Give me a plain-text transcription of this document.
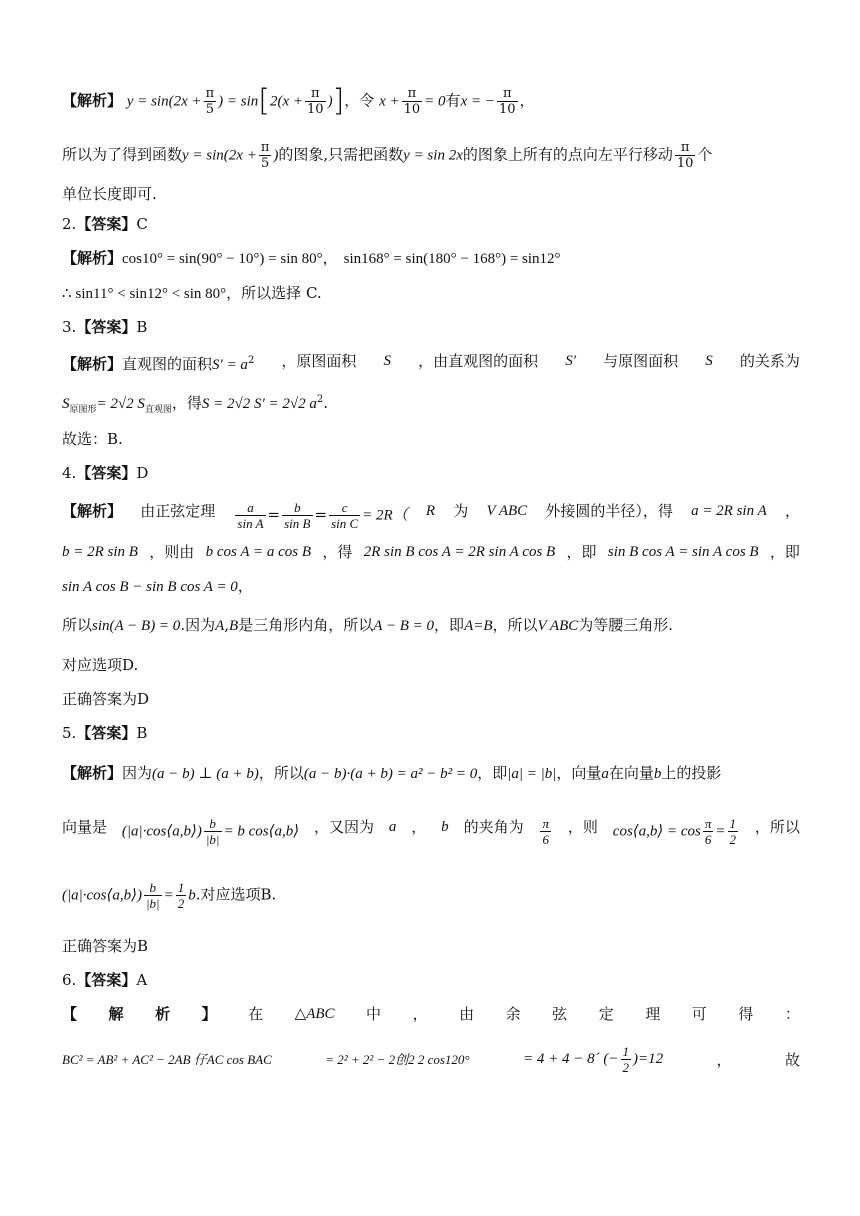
【解析】 $y = \sin(2x + \frac{\pi}{5}$ ) = $\sin[2(x + \frac{\pi}{10}$ )]，令 $x + \frac{\pi}{10} = 0$有x = − $\frac{\pi}{10}$ ，
所以为了得到函数$y = \sin(2x + \frac{\pi}{5}$ )的图象,只需把函数y = sin 2x的图象上所有的点向左平行移动 $\frac{\pi}{10}$ 个
单位长度即可.
2.【答案】C
【解析】cos10° = sin(90° − 10°) = sin 80°， sin168° = sin(180° − 168°) = sin12°
∴ sin11° < sin12° < sin 80°，所以选择 C.
3.【答案】B
【解析】直观图的面积$S' = a^2$ ，原图面积 S ，由直观图的面积 S′ 与原图面积 S 的关系为
$S_{原图形}= 2√2$ $S_{直观图}$，得S = 2√2 S′ = 2√2 $a^2$.
故选：B.
4.【答案】D
【解析】 由正弦定理 $\frac{a}{\text{sin A}} = \frac{b}{\text{sin B}} = \frac{c}{\text{sin C}} = 2R$（ R 为 V ABC 外接圆的半径），得 a = 2R sin A ，
b = 2R sin B ，则由 b cos A = a cos B ，得 2R sin B cos A = 2R sin A cos B ，即 sin B cos A = sin A cos B ，即
sin A cos B − sin B cos A = 0，
所以sin(A − B) = 0.因为A,B是三角形内角，所以A − B = 0，即A=B，所以V ABC为等腰三角形.
对应选项D.
正确答案为D
5.【答案】B
【解析】因为(a − b) ⊥ (a + b)，所以(a − b)·(a + b) = a² − b² = 0，即|a| = |b|，向量a在向量b上的投影
向量是 (|a|·cos⟨a,b⟩) $\frac{b}{|b|} = b$ cos⟨a,b⟩ ，又因为 a ， b 的夹角为 $\frac{\pi}{6}$ ，则 cos⟨a,b⟩ = $\cos \frac{\pi}{6} = \frac{1}{2}$ ，所以
(|a|·cos⟨a,b⟩) $\frac{b}{|b|} = \frac{1}{2} b$.对应选项B.
正确答案为B
6.【答案】A
【 解 析 】 在 △ABC 中 ， 由 余 弦 定 理 可 得 ：
BC² = AB² + AC² − 2AB 仔AC cos BAC	= 2² + 2² − 2创2 2 cos120°	= 4 + 4 − 8´ (− $\frac{1}{2} )=12$	，	故
